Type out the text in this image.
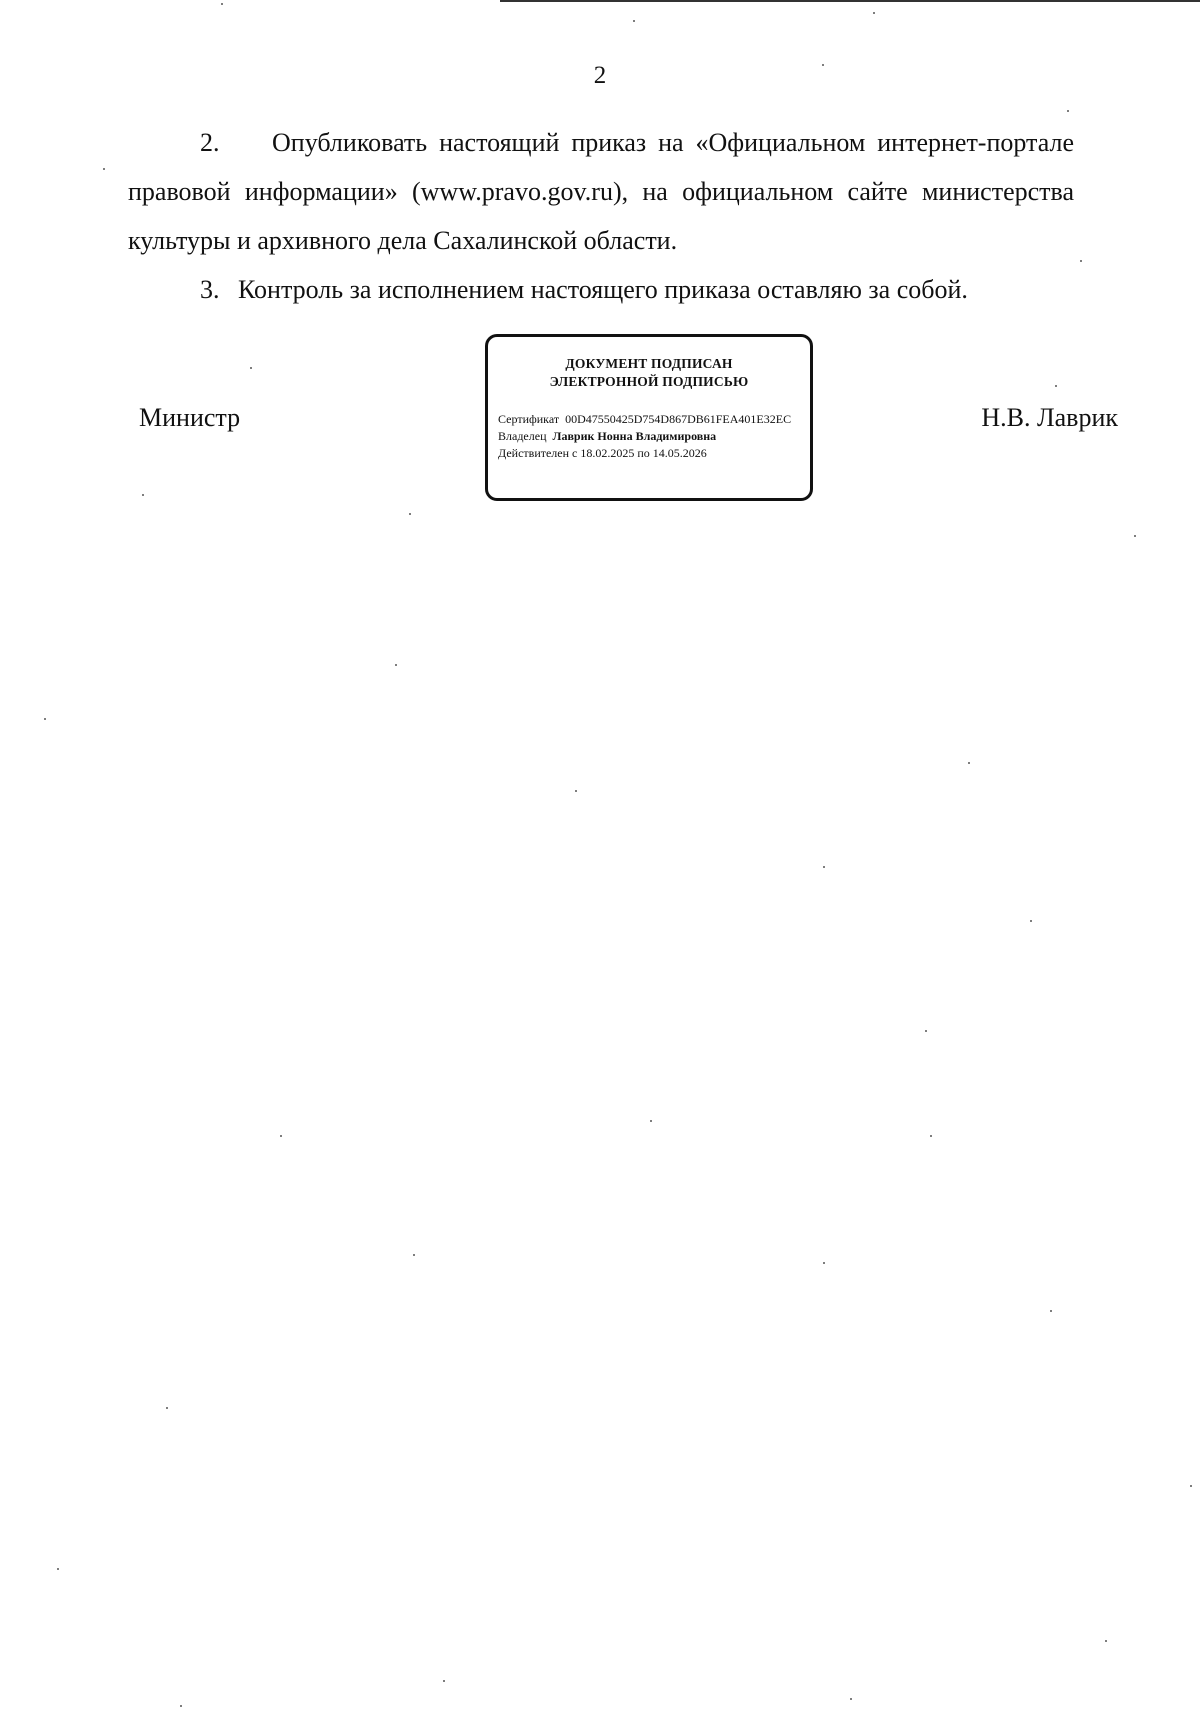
2

2. Опубликовать настоящий приказ на «Официальном интернет-портале правовой информации» (www.pravo.gov.ru), на официальном сайте министерства культуры и архивного дела Сахалинской области.

3. Контроль за исполнением настоящего приказа оставляю за собой.

Министр
ДОКУМЕНТ ПОДПИСАН
ЭЛЕКТРОННОЙ ПОДПИСЬЮ
Сертификат 00D47550425D754D867DB61FEA401E32EC
Владелец Лаврик Нонна Владимировна
Действителен с 18.02.2025 по 14.05.2026
Н.В. Лаврик
